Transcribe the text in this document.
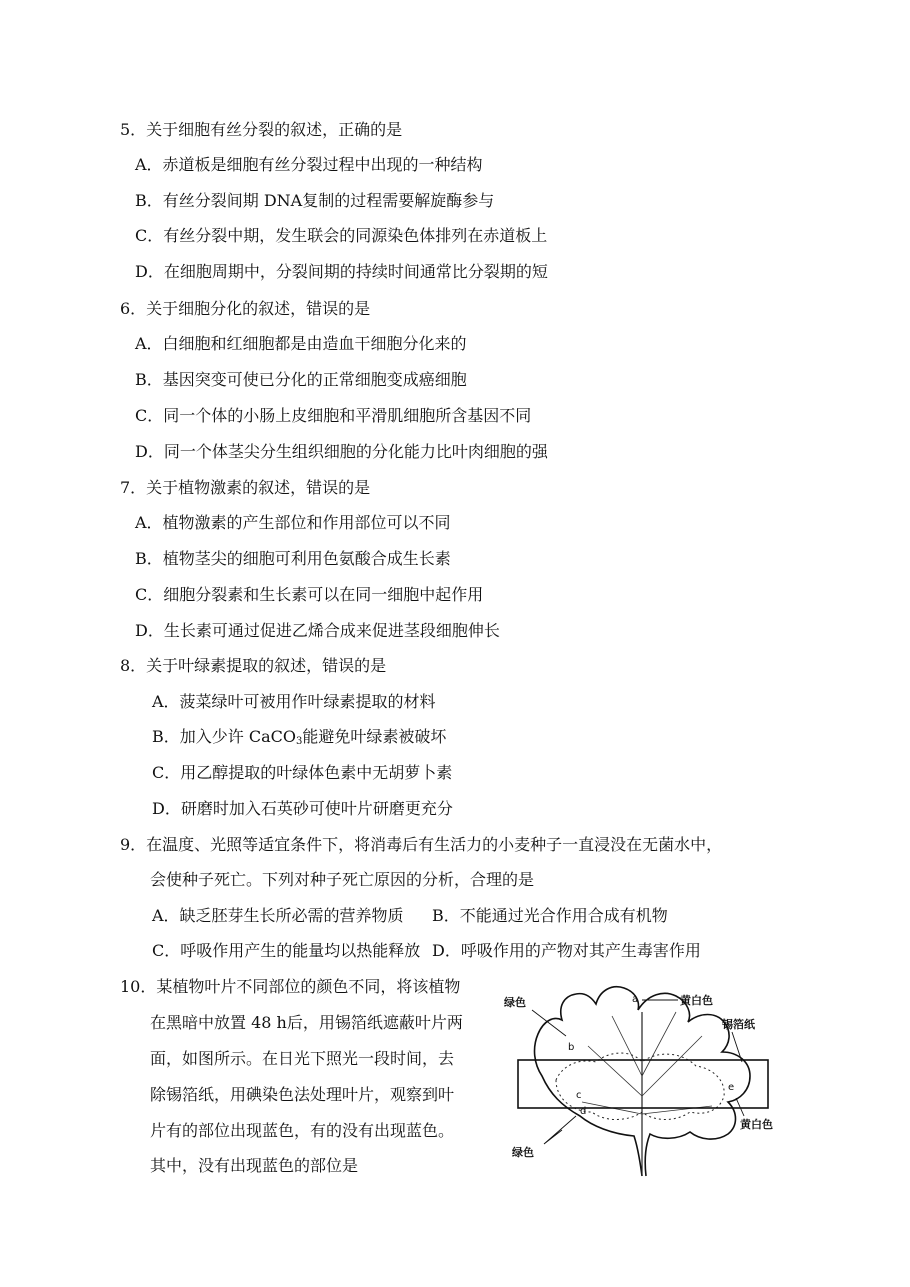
5．关于细胞有丝分裂的叙述，正确的是
A．赤道板是细胞有丝分裂过程中出现的一种结构
B．有丝分裂间期 DNA复制的过程需要解旋酶参与
C．有丝分裂中期，发生联会的同源染色体排列在赤道板上
D．在细胞周期中，分裂间期的持续时间通常比分裂期的短
6．关于细胞分化的叙述，错误的是
A．白细胞和红细胞都是由造血干细胞分化来的
B．基因突变可使已分化的正常细胞变成癌细胞
C．同一个体的小肠上皮细胞和平滑肌细胞所含基因不同
D．同一个体茎尖分生组织细胞的分化能力比叶肉细胞的强
7．关于植物激素的叙述，错误的是
A．植物激素的产生部位和作用部位可以不同
B．植物茎尖的细胞可利用色氨酸合成生长素
C．细胞分裂素和生长素可以在同一细胞中起作用
D．生长素可通过促进乙烯合成来促进茎段细胞伸长
8．关于叶绿素提取的叙述，错误的是
A．菠菜绿叶可被用作叶绿素提取的材料
B．加入少许 CaCO$_3$能避免叶绿素被破坏
C．用乙醇提取的叶绿体色素中无胡萝卜素
D．研磨时加入石英砂可使叶片研磨更充分
9．在温度、光照等适宜条件下，将消毒后有生活力的小麦种子一直浸没在无菌水中，
会使种子死亡。下列对种子死亡原因的分析，合理的是
A．缺乏胚芽生长所必需的营养物质 B．不能通过光合作用合成有机物
C．呼吸作用产生的能量均以热能释放 D．呼吸作用的产物对其产生毒害作用
10．某植物叶片不同部位的颜色不同，将该植物
在黑暗中放置 48 h后，用锡箔纸遮蔽叶片两
面，如图所示。在日光下照光一段时间，去
除锡箔纸，用碘染色法处理叶片，观察到叶
片有的部位出现蓝色，有的没有出现蓝色。
其中，没有出现蓝色的部位是
绿色	黄白色
锡箔纸
黄白色
绿色
a
b
c
d
e
